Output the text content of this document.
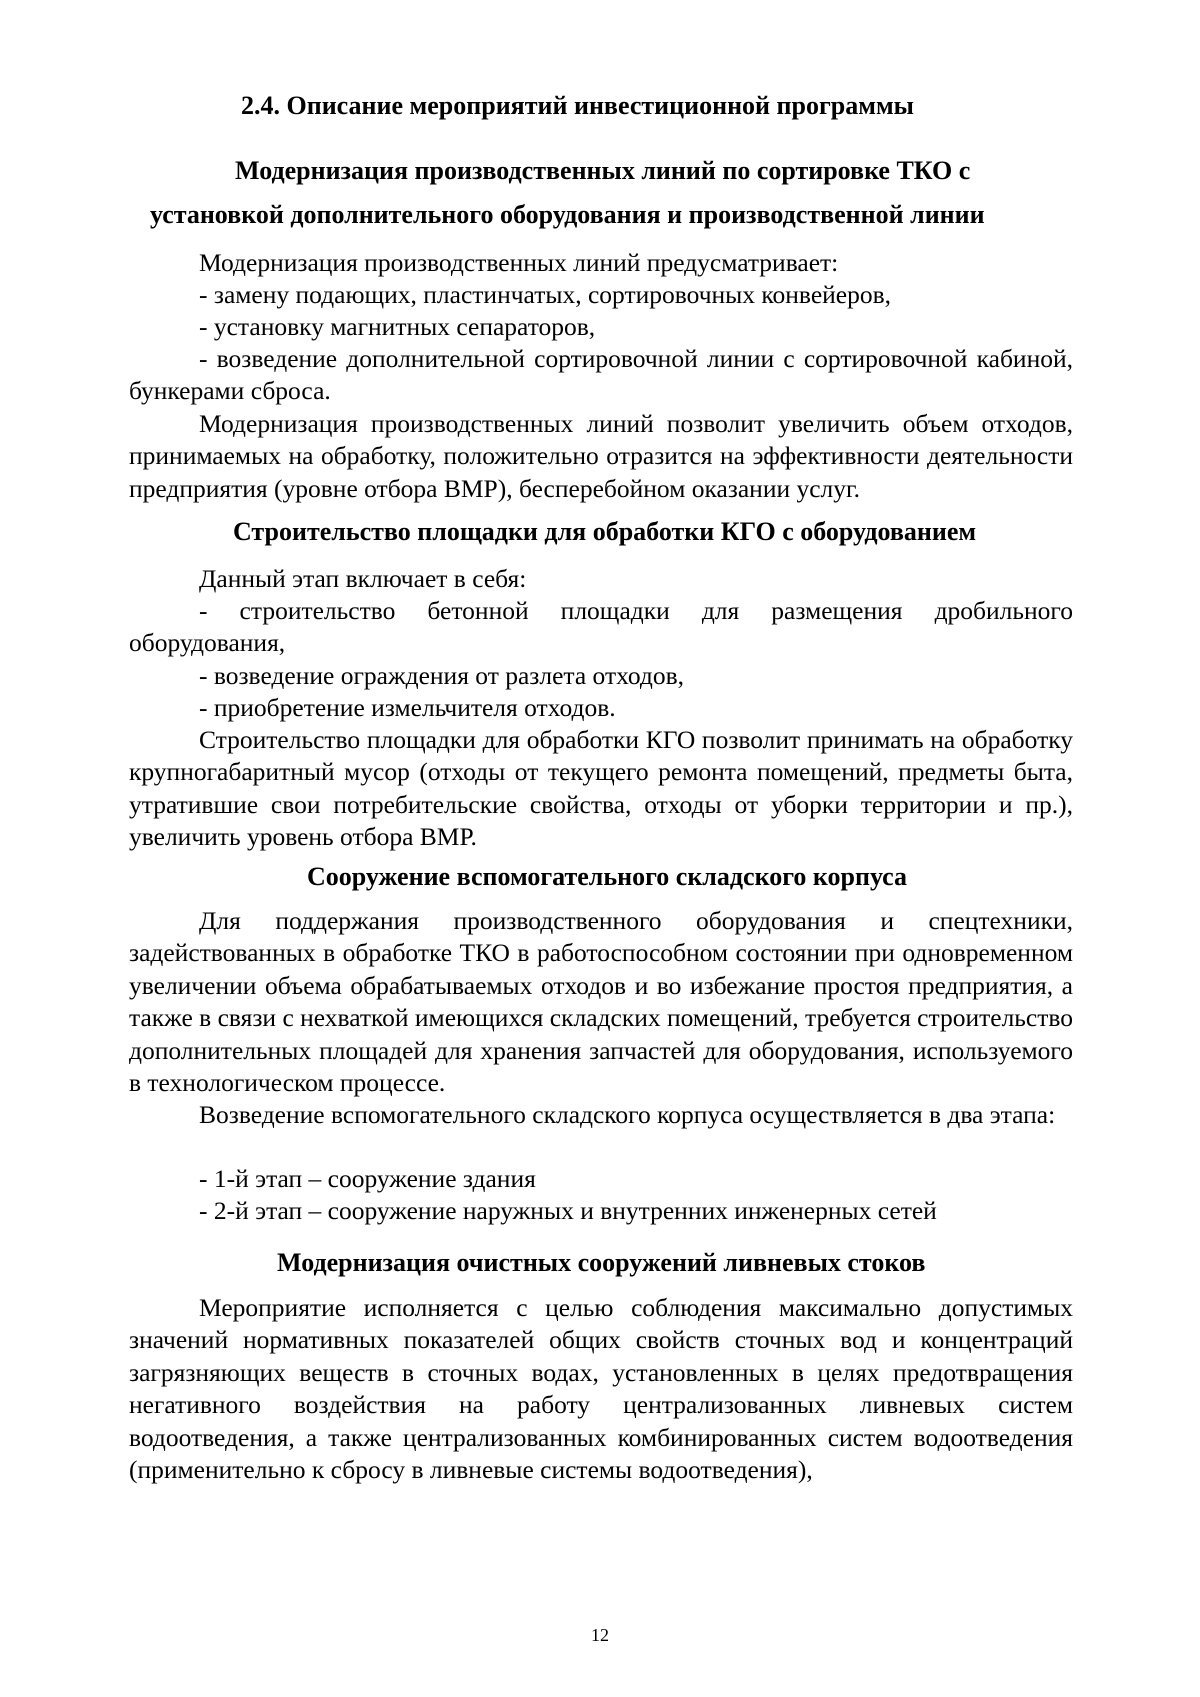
2.4. Описание мероприятий инвестиционной программы
Модернизация производственных линий по сортировке ТКО с
установкой дополнительного оборудования и производственной линии
Модернизация производственных линий предусматривает:
- замену подающих, пластинчатых, сортировочных конвейеров,
- установку магнитных сепараторов,
- возведение дополнительной сортировочной линии с сортировочной кабиной, бункерами сброса.
Модернизация производственных линий позволит увеличить объем отходов, принимаемых на обработку, положительно отразится на эффективности деятельности предприятия (уровне отбора ВМР), бесперебойном оказании услуг.
Строительство площадки для обработки КГО с оборудованием
Данный этап включает в себя:
- строительство бетонной площадки для размещения дробильного оборудования,
- возведение ограждения от разлета отходов,
- приобретение измельчителя отходов.
Строительство площадки для обработки КГО позволит принимать на обработку крупногабаритный мусор (отходы от текущего ремонта помещений, предметы быта, утратившие свои потребительские свойства, отходы от уборки территории и пр.), увеличить уровень отбора ВМР.
Сооружение вспомогательного складского корпуса
Для поддержания производственного оборудования и спецтехники, задействованных в обработке ТКО в работоспособном состоянии при одновременном увеличении объема обрабатываемых отходов и во избежание простоя предприятия, а также в связи с нехваткой имеющихся складских помещений, требуется строительство дополнительных площадей для хранения запчастей для оборудования, используемого в технологическом процессе.
Возведение вспомогательного складского корпуса осуществляется в два этапа:
- 1-й этап – сооружение здания
- 2-й этап – сооружение наружных и внутренних инженерных сетей
Модернизация очистных сооружений ливневых стоков
Мероприятие исполняется с целью соблюдения максимально допустимых значений нормативных показателей общих свойств сточных вод и концентраций загрязняющих веществ в сточных водах, установленных в целях предотвращения негативного воздействия на работу централизованных ливневых систем водоотведения, а также централизованных комбинированных систем водоотведения (применительно к сбросу в ливневые системы водоотведения),
12
